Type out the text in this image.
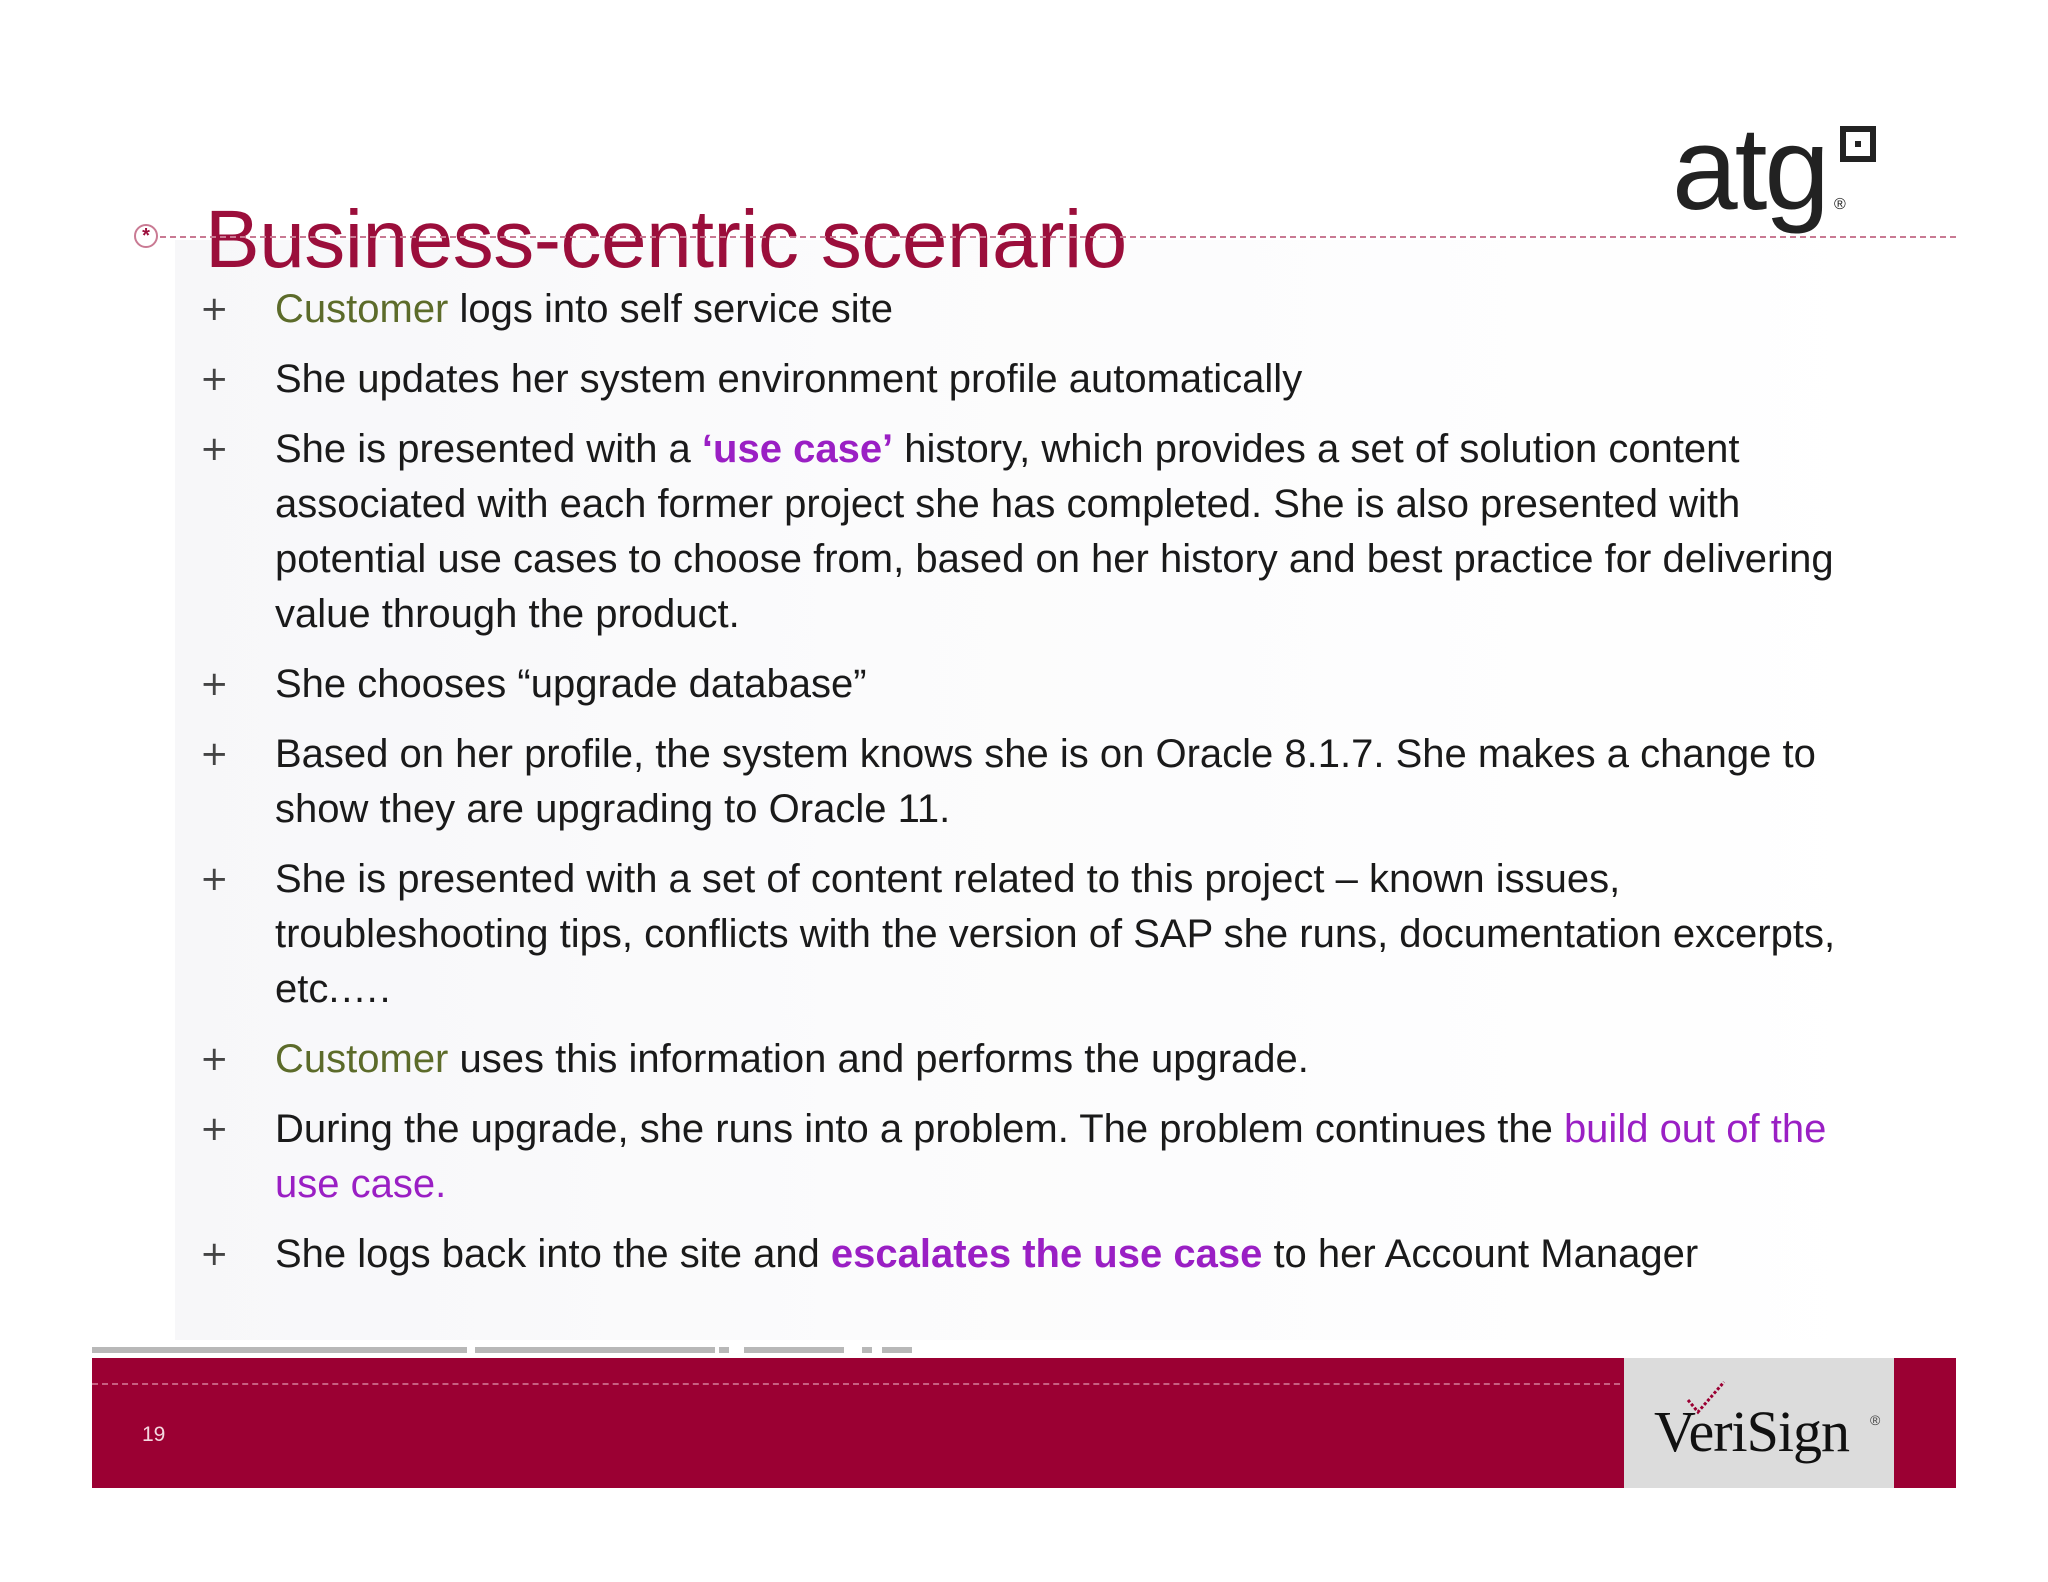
Business-centric scenario
*
atg ®
+ Customer logs into self service site
+ She updates her system environment profile automatically
+ She is presented with a ‘use case’ history, which provides a set of solution content associated with each former project she has completed. She is also presented with potential use cases to choose from, based on her history and best practice for delivering value through the product.
+ She chooses “upgrade database”
+ Based on her profile, the system knows she is on Oracle 8.1.7. She makes a change to show they are upgrading to Oracle 11.
+ She is presented with a set of content related to this project – known issues, troubleshooting tips, conflicts with the version of SAP she runs, documentation excerpts, etc.….
+ Customer uses this information and performs the upgrade.
+ During the upgrade, she runs into a problem. The problem continues the build out of the use case.
+ She logs back into the site and escalates the use case to her Account Manager
19	VeriSign ®
